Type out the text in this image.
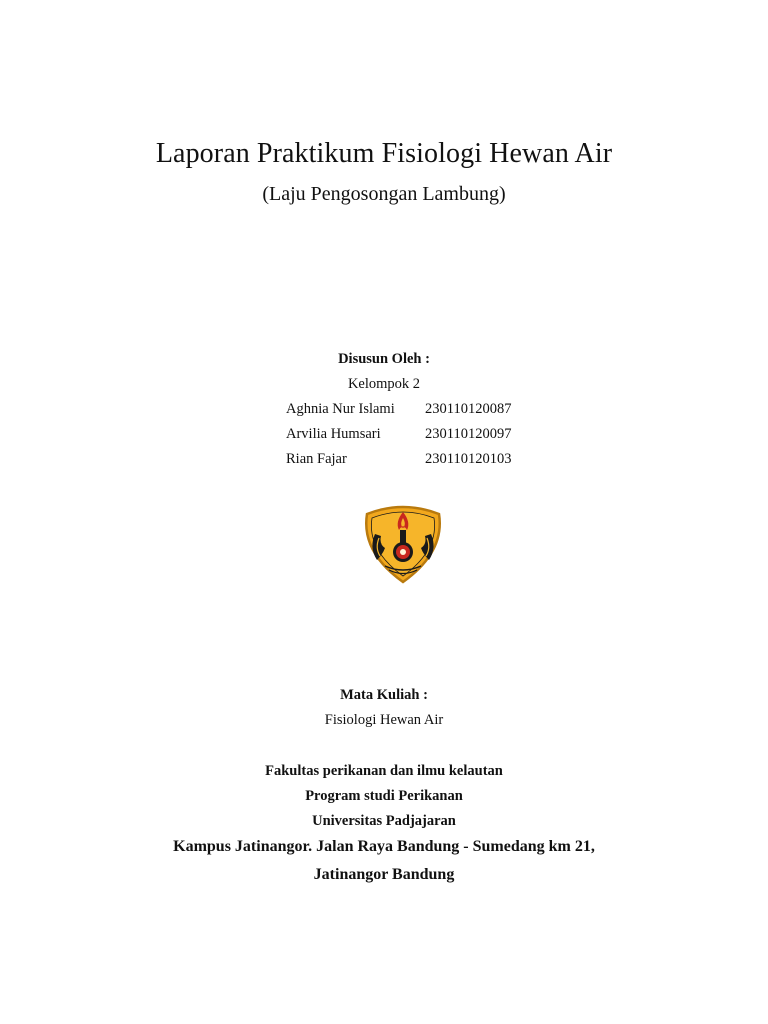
Laporan Praktikum Fisiologi Hewan Air
(Laju Pengosongan Lambung)
Disusun Oleh :
Kelompok 2
Aghnia Nur Islami 230110120087
Arvilia Humsari	230110120097
Rian Fajar	230110120103
Mata Kuliah :
Fisiologi Hewan Air
Fakultas perikanan dan ilmu kelautan
Program studi Perikanan
Universitas Padjajaran
Kampus Jatinangor. Jalan Raya Bandung - Sumedang km 21,
Jatinangor Bandung
